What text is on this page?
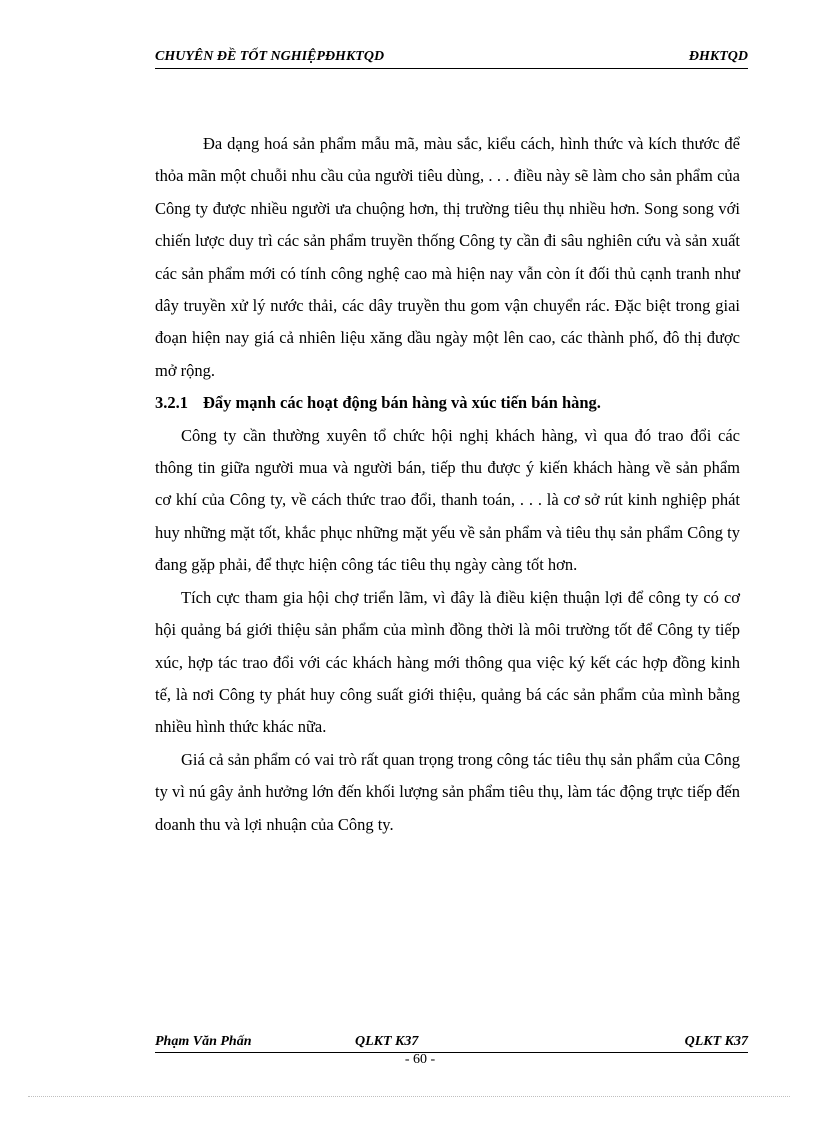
CHUYÊN ĐỀ TỐT NGHIỆPĐHKTQD	ĐHKTQD

Đa dạng hoá sản phẩm mẫu mã, màu sắc, kiểu cách, hình thức và kích thước để thỏa mãn một chuỗi nhu cầu của người tiêu dùng, . . . điều này sẽ làm cho sản phẩm của Công ty được nhiều người ưa chuộng hơn, thị trường tiêu thụ nhiều hơn. Song song với chiến lược duy trì các sản phẩm truyền thống Công ty cần đi sâu nghiên cứu và sản xuất các sản phẩm mới có tính công nghệ cao mà hiện nay vẫn còn ít đối thủ cạnh tranh như dây truyền xử lý nước thải, các dây truyền thu gom vận chuyển rác. Đặc biệt trong giai đoạn hiện nay giá cả nhiên liệu xăng dầu ngày một lên cao, các thành phố, đô thị được mở rộng.

3.2.1 Đẩy mạnh các hoạt động bán hàng và xúc tiến bán hàng.

Công ty cần thường xuyên tổ chức hội nghị khách hàng, vì qua đó trao đổi các thông tin giữa người mua và người bán, tiếp thu được ý kiến khách hàng về sản phẩm cơ khí của Công ty, về cách thức trao đổi, thanh toán, . . . là cơ sở rút kinh nghiệp phát huy những mặt tốt, khắc phục những mặt yếu về sản phẩm và tiêu thụ sản phẩm Công ty đang gặp phải, để thực hiện công tác tiêu thụ ngày càng tốt hơn.

Tích cực tham gia hội chợ triển lãm, vì đây là điều kiện thuận lợi để công ty có cơ hội quảng bá giới thiệu sản phẩm của mình đồng thời là môi trường tốt để Công ty tiếp xúc, hợp tác trao đổi với các khách hàng mới thông qua việc ký kết các hợp đồng kinh tế, là nơi Công ty phát huy công suất giới thiệu, quảng bá các sản phẩm của mình bằng nhiều hình thức khác nữa.

Giá cả sản phẩm có vai trò rất quan trọng trong công tác tiêu thụ sản phẩm của Công ty vì nú gây ảnh hưởng lớn đến khối lượng sản phẩm tiêu thụ, làm tác động trực tiếp đến doanh thu và lợi nhuận của Công ty.

Phạm Văn Phấn	QLKT K37	QLKT K37
- 60 -
